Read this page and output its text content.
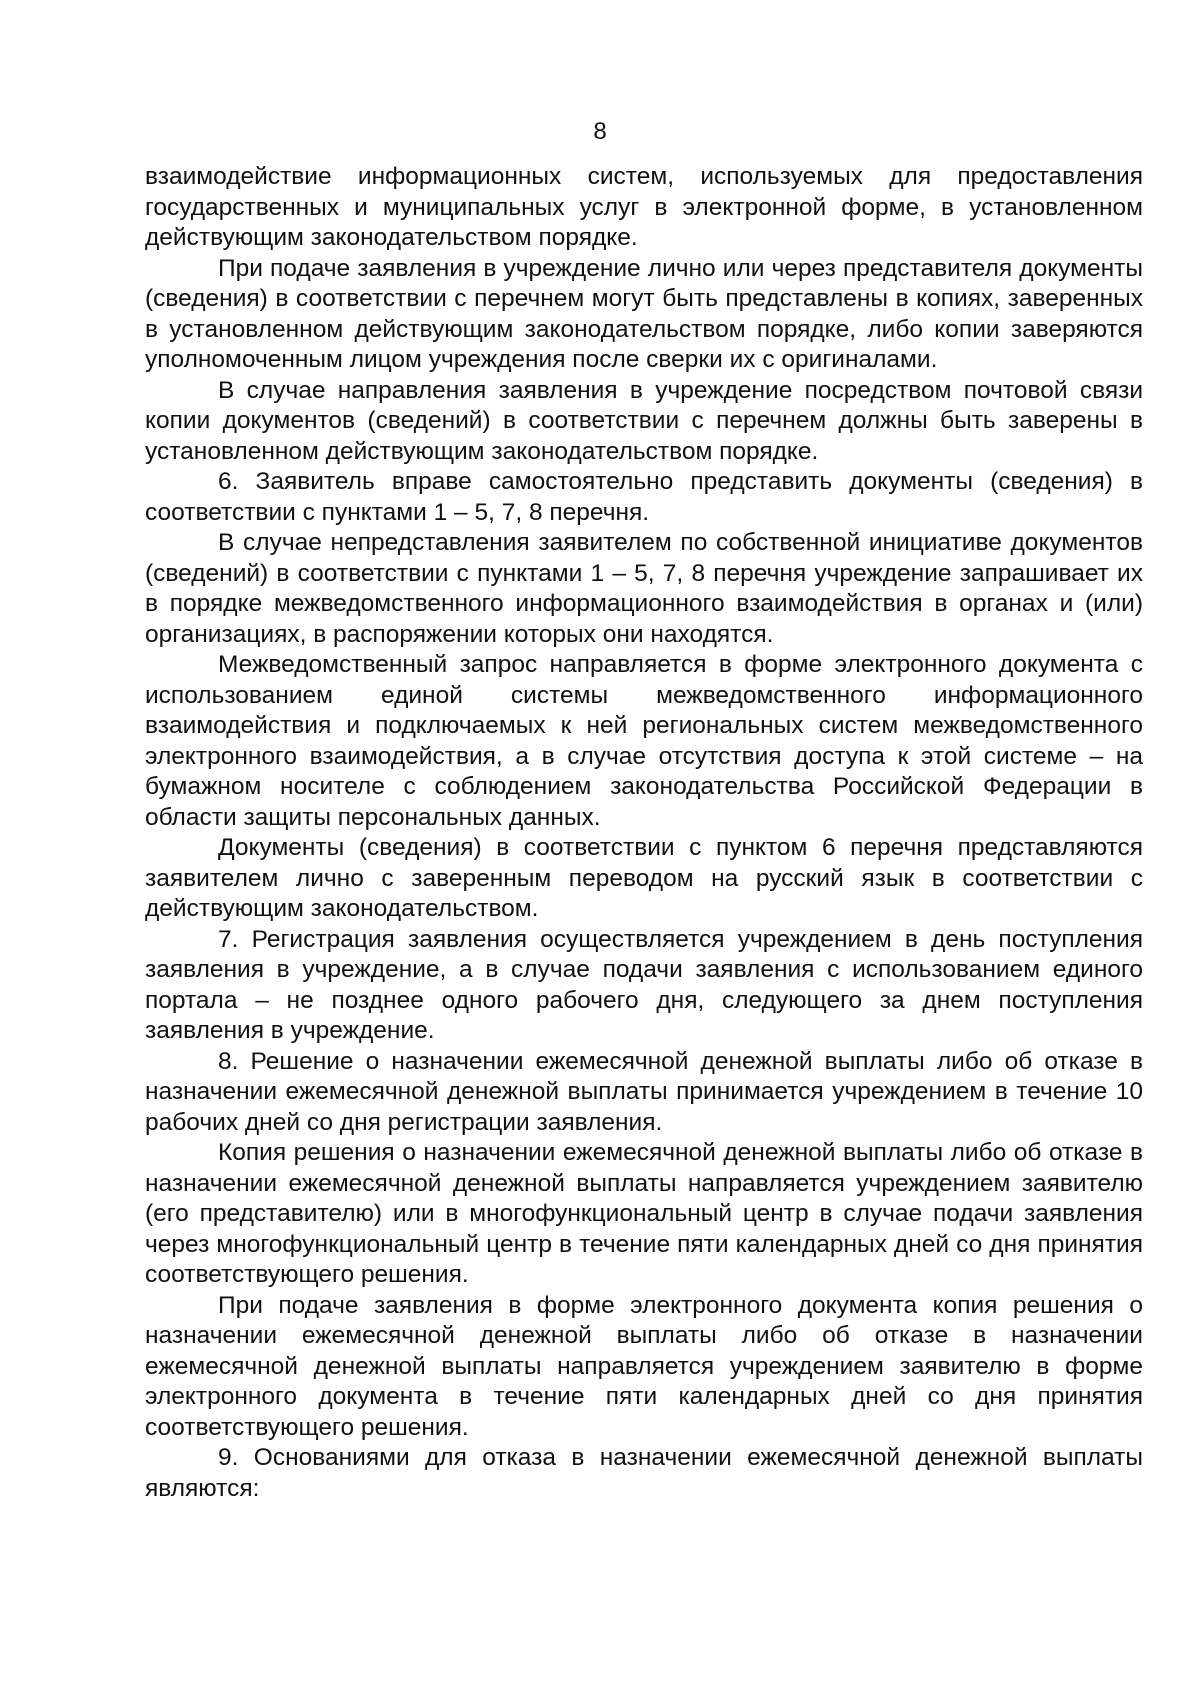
8

взаимодействие информационных систем, используемых для предоставления государственных и муниципальных услуг в электронной форме, в установленном действующим законодательством порядке.

При подаче заявления в учреждение лично или через представителя документы (сведения) в соответствии с перечнем могут быть представлены в копиях, заверенных в установленном действующим законодательством порядке, либо копии заверяются уполномоченным лицом учреждения после сверки их с оригиналами.

В случае направления заявления в учреждение посредством почтовой связи копии документов (сведений) в соответствии с перечнем должны быть заверены в установленном действующим законодательством порядке.

6. Заявитель вправе самостоятельно представить документы (сведения) в соответствии с пунктами 1 – 5, 7, 8 перечня.

В случае непредставления заявителем по собственной инициативе документов (сведений) в соответствии с пунктами 1 – 5, 7, 8 перечня учреждение запрашивает их в порядке межведомственного информационного взаимодействия в органах и (или) организациях, в распоряжении которых они находятся.

Межведомственный запрос направляется в форме электронного документа с использованием единой системы межведомственного информационного взаимодействия и подключаемых к ней региональных систем межведомственного электронного взаимодействия, а в случае отсутствия доступа к этой системе – на бумажном носителе с соблюдением законодательства Российской Федерации в области защиты персональных данных.

Документы (сведения) в соответствии с пунктом 6 перечня представляются заявителем лично с заверенным переводом на русский язык в соответствии с действующим законодательством.

7. Регистрация заявления осуществляется учреждением в день поступления заявления в учреждение, а в случае подачи заявления с использованием единого портала – не позднее одного рабочего дня, следующего за днем поступления заявления в учреждение.

8. Решение о назначении ежемесячной денежной выплаты либо об отказе в назначении ежемесячной денежной выплаты принимается учреждением в течение 10 рабочих дней со дня регистрации заявления.

Копия решения о назначении ежемесячной денежной выплаты либо об отказе в назначении ежемесячной денежной выплаты направляется учреждением заявителю (его представителю) или в многофункциональный центр в случае подачи заявления через многофункциональный центр в течение пяти календарных дней со дня принятия соответствующего решения.

При подаче заявления в форме электронного документа копия решения о назначении ежемесячной денежной выплаты либо об отказе в назначении ежемесячной денежной выплаты направляется учреждением заявителю в форме электронного документа в течение пяти календарных дней со дня принятия соответствующего решения.

9. Основаниями для отказа в назначении ежемесячной денежной выплаты являются:
